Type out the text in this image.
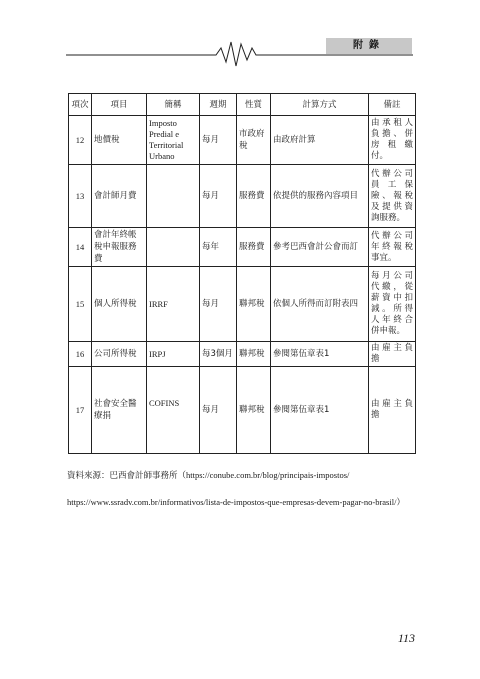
附錄
項次	項目	簡稱	週期	性質	計算方式	備註
12	地價稅	Imposto Predial e Territorial Urbano	每月	市政府稅	由政府計算	由承租人負擔、併房租繳付。
13	會計師月費		每月	服務費	依提供的服務內容項目	代辦公司員工保險、報稅及提供資詢服務。
14	會計年終帳稅申報服務費		每年	服務費	參考巴西會計公會而訂	代辦公司年終報稅事宜。
15	個人所得稅	IRRF	每月	聯邦稅	依個人所得而訂附表四	每月公司代繳，從薪資中扣減。所得人年終合併申報。
16	公司所得稅	IRPJ	每3個月	聯邦稅	參閱第伍章表1	由雇主負擔
17	社會安全醫療捐	COFINS	每月	聯邦稅	參閱第伍章表1	由雇主負擔
資料來源：巴西會計師事務所（https://conube.com.br/blog/principais-impostos/
https://www.ssradv.com.br/informativos/lista-de-impostos-que-empresas-devem-pagar-no-brasil/）
113
